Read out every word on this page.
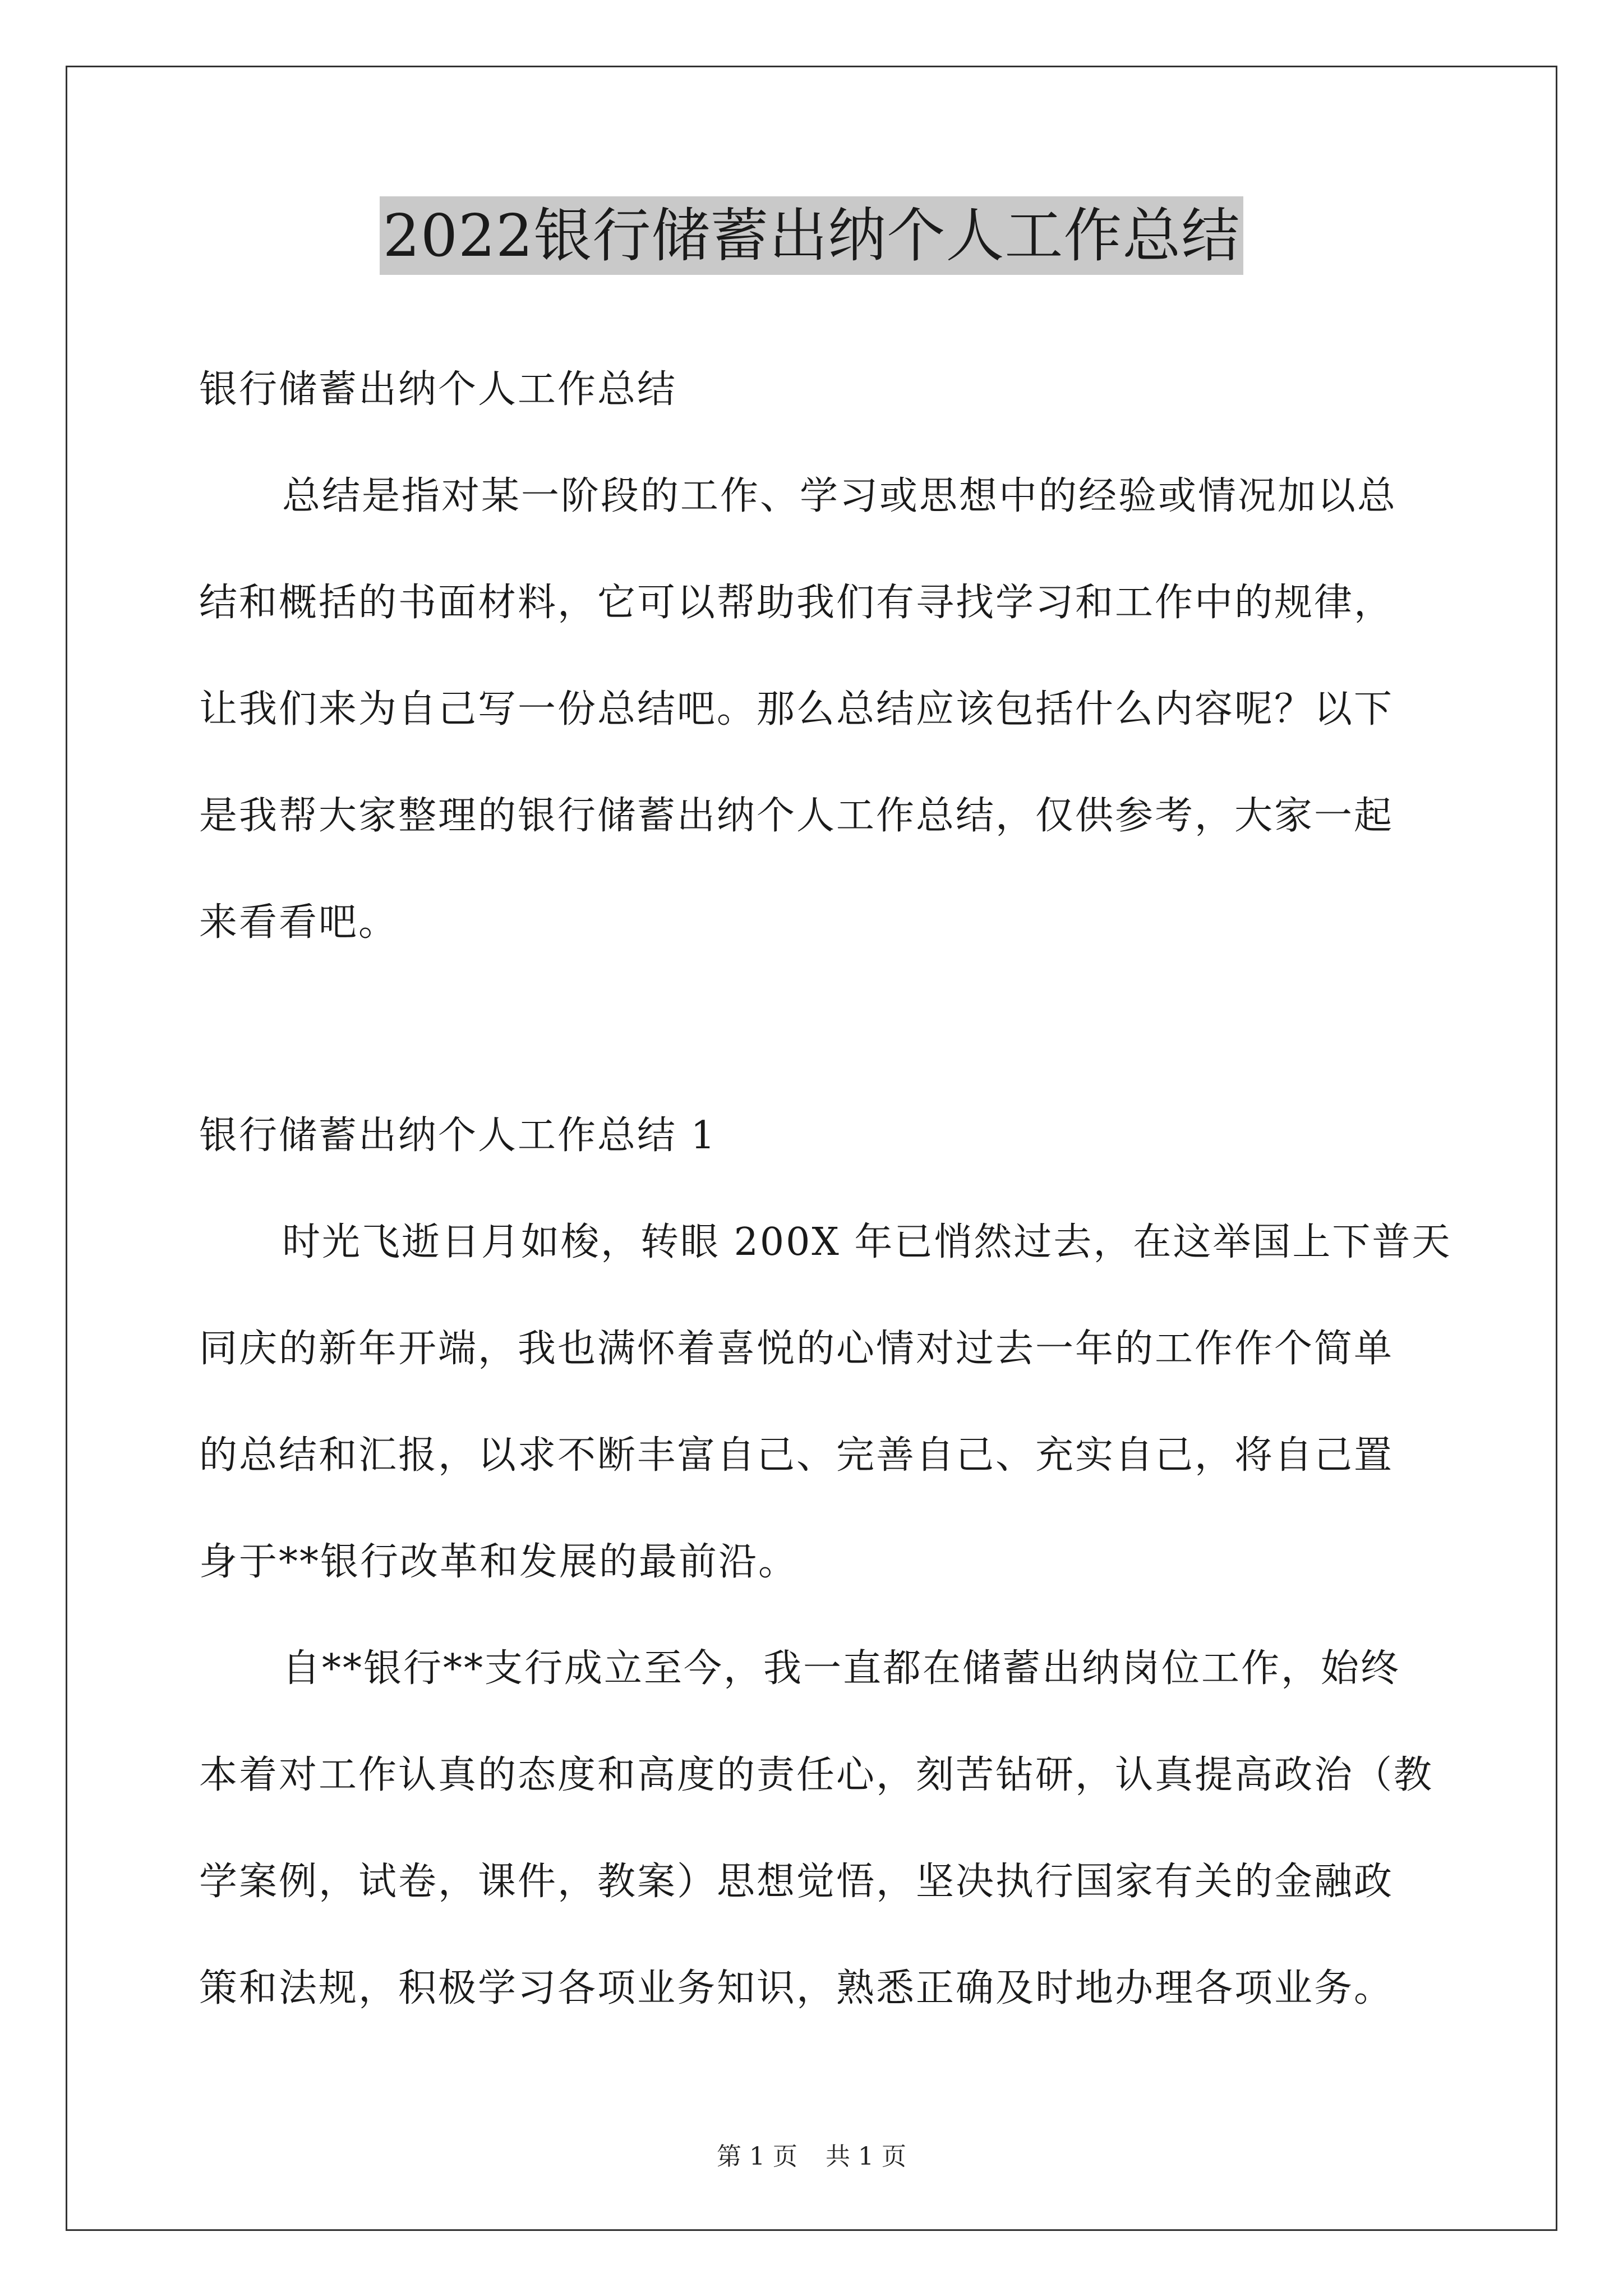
2022银行储蓄出纳个人工作总结
银行储蓄出纳个人工作总结
总结是指对某一阶段的工作、学习或思想中的经验或情况加以总
结和概括的书面材料，它可以帮助我们有寻找学习和工作中的规律，
让我们来为自己写一份总结吧。那么总结应该包括什么内容呢？以下
是我帮大家整理的银行储蓄出纳个人工作总结，仅供参考，大家一起
来看看吧。
银行储蓄出纳个人工作总结 1
时光飞逝日月如梭，转眼 200X 年已悄然过去，在这举国上下普天
同庆的新年开端，我也满怀着喜悦的心情对过去一年的工作作个简单
的总结和汇报，以求不断丰富自己、完善自己、充实自己，将自己置
身于**银行改革和发展的最前沿。
自**银行**支行成立至今，我一直都在储蓄出纳岗位工作，始终
本着对工作认真的态度和高度的责任心，刻苦钻研，认真提高政治（教
学案例，试卷，课件，教案）思想觉悟，坚决执行国家有关的金融政
策和法规，积极学习各项业务知识，熟悉正确及时地办理各项业务。
第 1 页 共 1 页
